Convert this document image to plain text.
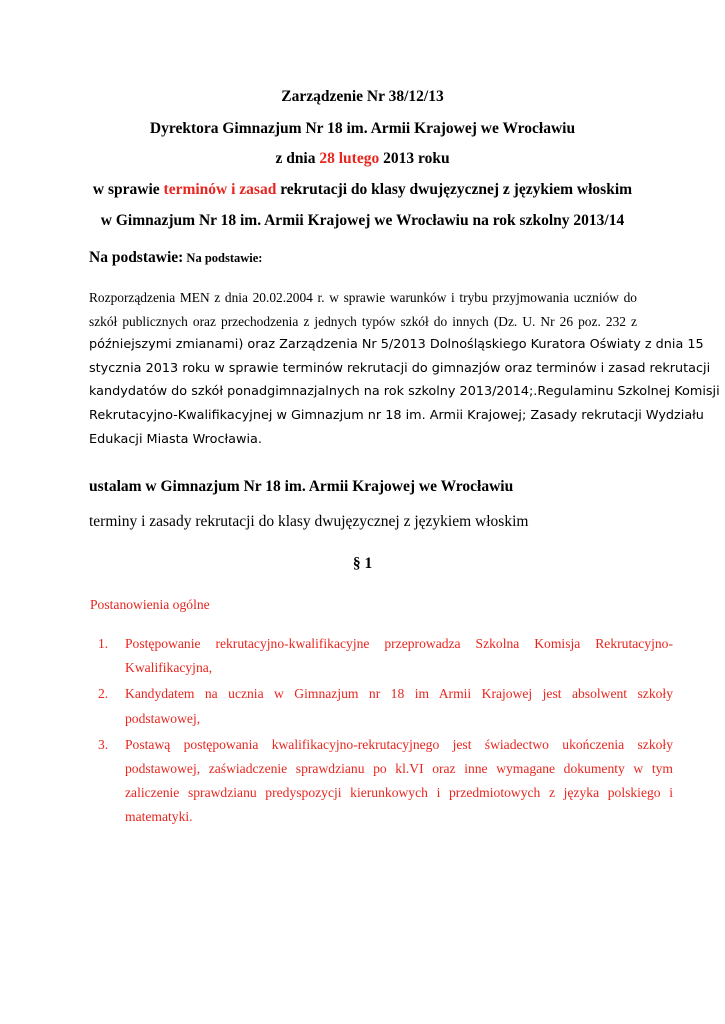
Zarządzenie Nr 38/12/13
Dyrektora Gimnazjum Nr 18 im. Armii Krajowej we Wrocławiu
z dnia 28 lutego 2013 roku
w sprawie terminów i zasad rekrutacji do klasy dwujęzycznej z językiem włoskim
w Gimnazjum Nr 18 im. Armii Krajowej we Wrocławiu na rok szkolny 2013/14
Na podstawie: Na podstawie:
Rozporządzenia MEN z dnia 20.02.2004 r. w sprawie warunków i trybu przyjmowania uczniów do
szkół publicznych oraz przechodzenia z jednych typów szkół do innych (Dz. U. Nr 26 poz. 232 z
późniejszymi zmianami) oraz Zarządzenia Nr 5/2013 Dolnośląskiego Kuratora Oświaty z dnia 15
stycznia 2013 roku w sprawie terminów rekrutacji do gimnazjów oraz terminów i zasad rekrutacji
kandydatów do szkół ponadgimnazjalnych na rok szkolny 2013/2014;.Regulaminu Szkolnej Komisji
Rekrutacyjno-Kwalifikacyjnej w Gimnazjum nr 18 im. Armii Krajowej; Zasady rekrutacji Wydziału
Edukacji Miasta Wrocławia.
ustalam w Gimnazjum Nr 18 im. Armii Krajowej we Wrocławiu
terminy i zasady rekrutacji do klasy dwujęzycznej z językiem włoskim
§ 1
Postanowienia ogólne
1. Postępowanie rekrutacyjno-kwalifikacyjne przeprowadza Szkolna Komisja Rekrutacyjno-
Kwalifikacyjna,
2. Kandydatem na ucznia w Gimnazjum nr 18 im Armii Krajowej jest absolwent szkoły
podstawowej,
3. Postawą postępowania kwalifikacyjno-rekrutacyjnego jest świadectwo ukończenia szkoły
podstawowej, zaświadczenie sprawdzianu po kl.VI oraz inne wymagane dokumenty w tym
zaliczenie sprawdzianu predyspozycji kierunkowych i przedmiotowych z języka polskiego i
matematyki.
